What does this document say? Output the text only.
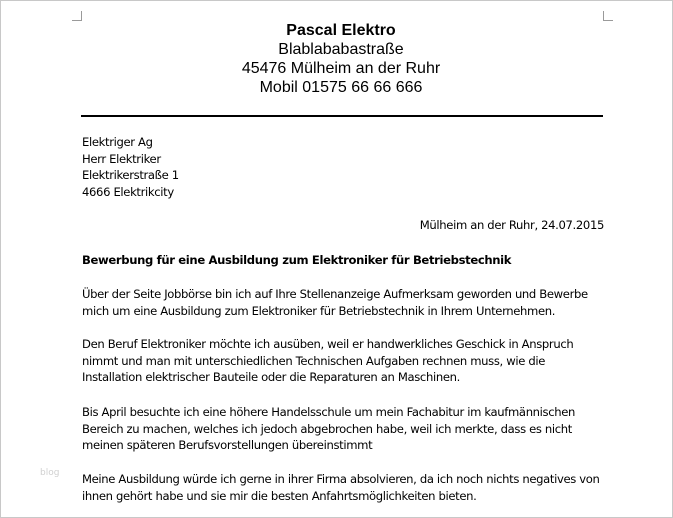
Pascal Elektro
Blablababastraße
45476 Mülheim an der Ruhr
Mobil 01575 66 66 666
Elektriger Ag
Herr Elektriker
Elektrikerstraße 1
4666 Elektrikcity
Mülheim an der Ruhr, 24.07.2015
Bewerbung für eine Ausbildung zum Elektroniker für Betriebstechnik
Über der Seite Jobbörse bin ich auf Ihre Stellenanzeige Aufmerksam geworden und Bewerbe
mich um eine Ausbildung zum Elektroniker für Betriebstechnik in Ihrem Unternehmen.
Den Beruf Elektroniker möchte ich ausüben, weil er handwerkliches Geschick in Anspruch
nimmt und man mit unterschiedlichen Technischen Aufgaben rechnen muss, wie die
Installation elektrischer Bauteile oder die Reparaturen an Maschinen.
Bis April besuchte ich eine höhere Handelsschule um mein Fachabitur im kaufmännischen
Bereich zu machen, welches ich jedoch abgebrochen habe, weil ich merkte, dass es nicht
meinen späteren Berufsvorstellungen übereinstimmt
Meine Ausbildung würde ich gerne in ihrer Firma absolvieren, da ich noch nichts negatives von
ihnen gehört habe und sie mir die besten Anfahrtsmöglichkeiten bieten.
blog
